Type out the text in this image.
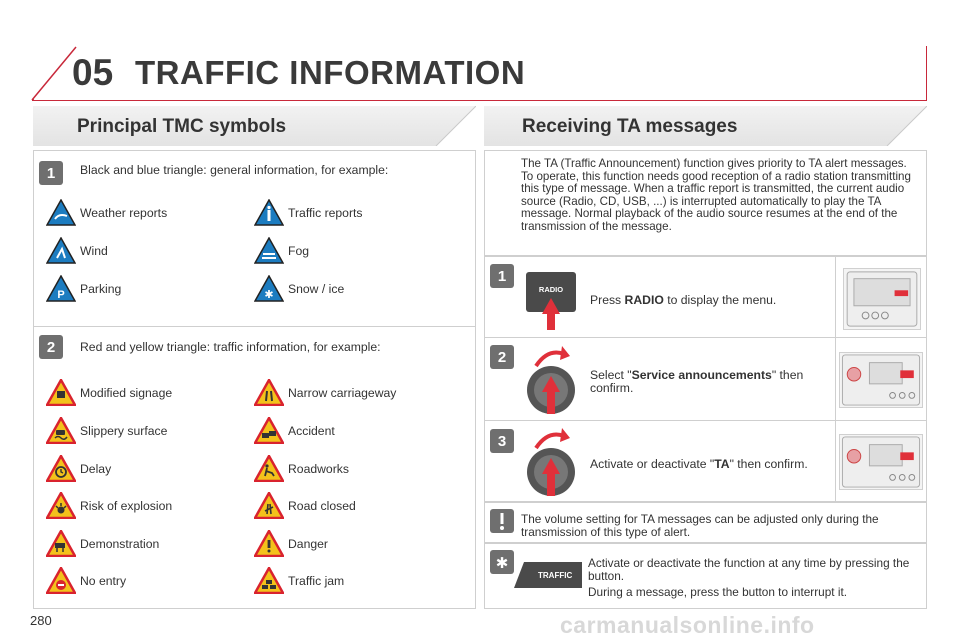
05 TRAFFIC INFORMATION
Principal TMC symbols	Receiving TA messages
1 Black and blue triangle: general information, for example:
Weather reports	Traffic reports
Wind	Fog
P Parking	✱ Snow / ice
2 Red and yellow triangle: traffic information, for example:
Modified signage	Narrow carriageway
Slippery surface	Accident
Delay	Roadworks
Risk of explosion	Road closed
Demonstration	Danger
No entry	Traffic jam
The TA (Traffic Announcement) function gives priority to TA alert messages. To operate, this function needs good reception of a radio station transmitting this type of message. When a traffic report is transmitted, the current audio source (Radio, CD, USB, ...) is interrupted automatically to play the TA message. Normal playback of the audio source resumes at the end of the transmission of the message.
1
RADIO
Press RADIO to display the menu.
2
Select "Service announcements" then confirm.
3
Activate or deactivate "TA" then confirm.
The volume setting for TA messages can be adjusted only during the transmission of this type of alert.
✱
TRAFFIC
Activate or deactivate the function at any time by pressing the button.
During a message, press the button to interrupt it.
280	carmanualsonline.info
